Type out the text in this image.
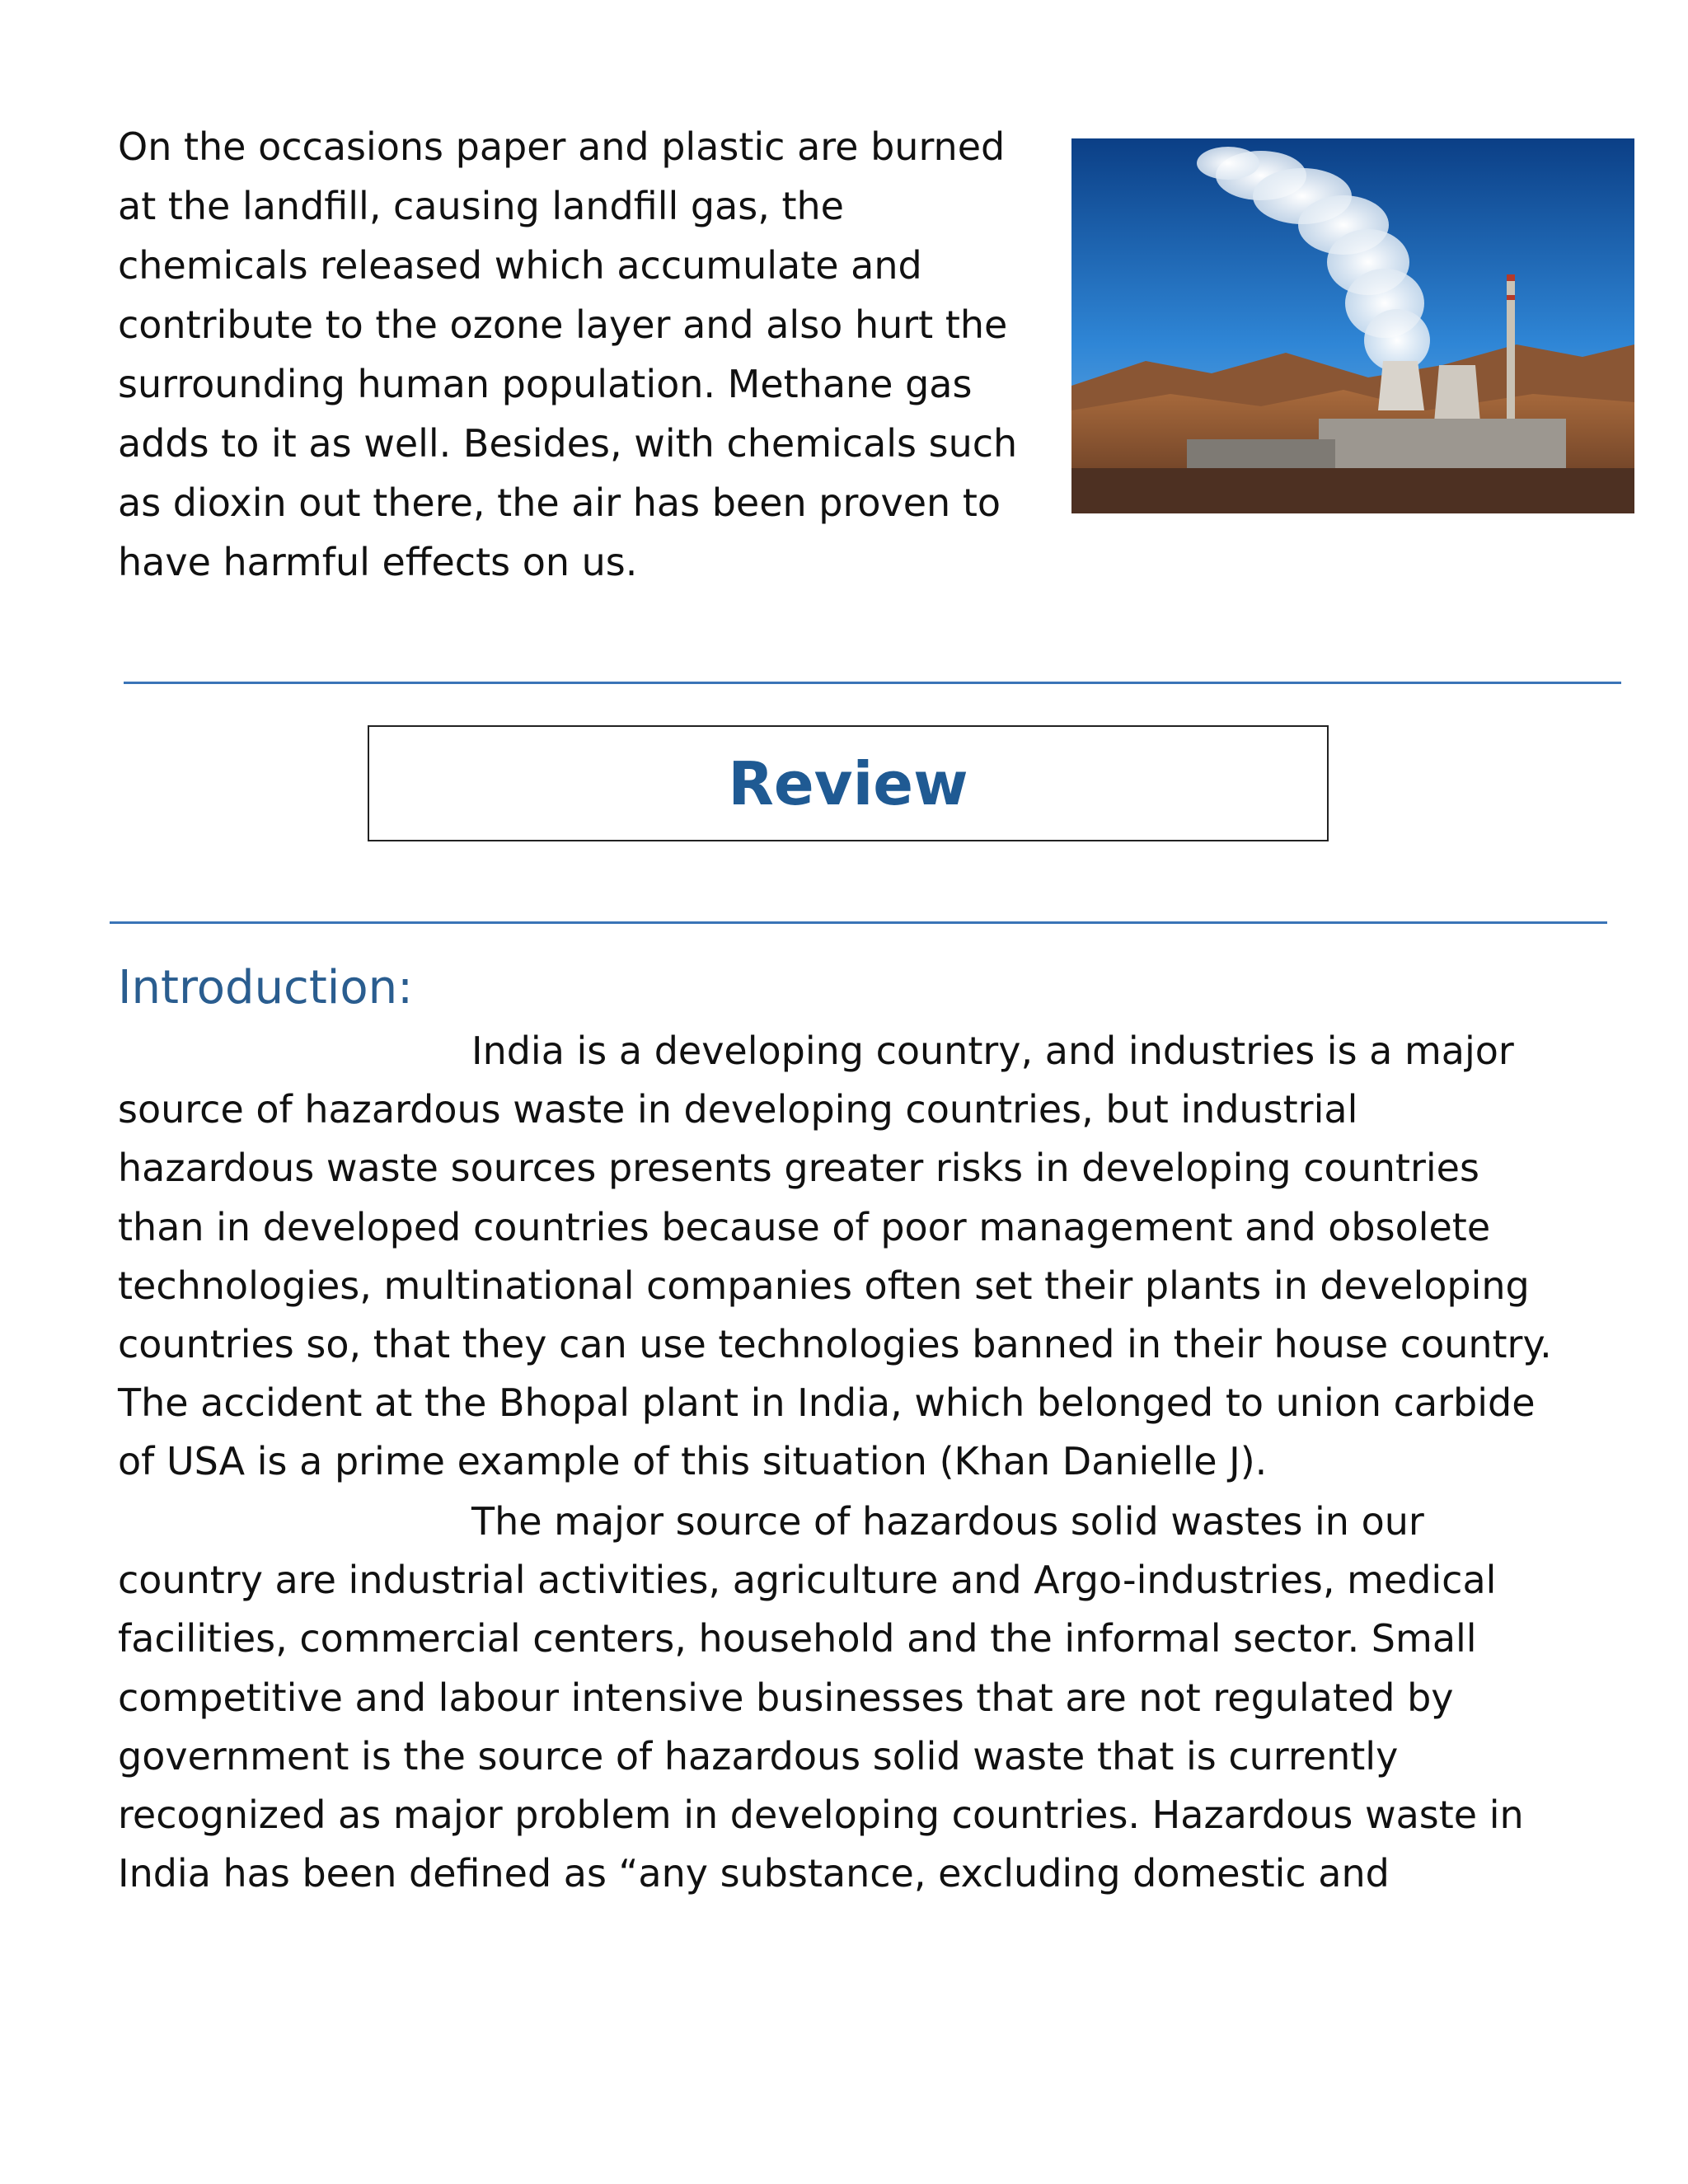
On the occasions paper and plastic are burned
at the landfill, causing landfill gas, the
chemicals released which accumulate and
contribute to the ozone layer and also hurt the
surrounding human population. Methane gas
adds to it as well. Besides, with chemicals such
as dioxin out there, the air has been proven to
have harmful effects on us.
Review
Introduction:
India is a developing country, and industries is a major
source of hazardous waste in developing countries, but industrial
hazardous waste sources presents greater risks in developing countries
than in developed countries because of poor management and obsolete
technologies, multinational companies often set their plants in developing
countries so, that they can use technologies banned in their house country.
The accident at the Bhopal plant in India, which belonged to union carbide
of USA is a prime example of this situation (Khan Danielle J).
The major source of hazardous solid wastes in our
country are industrial activities, agriculture and Argo-industries, medical
facilities, commercial centers, household and the informal sector. Small
competitive and labour intensive businesses that are not regulated by
government is the source of hazardous solid waste that is currently
recognized as major problem in developing countries. Hazardous waste in
India has been defined as “any substance, excluding domestic and
